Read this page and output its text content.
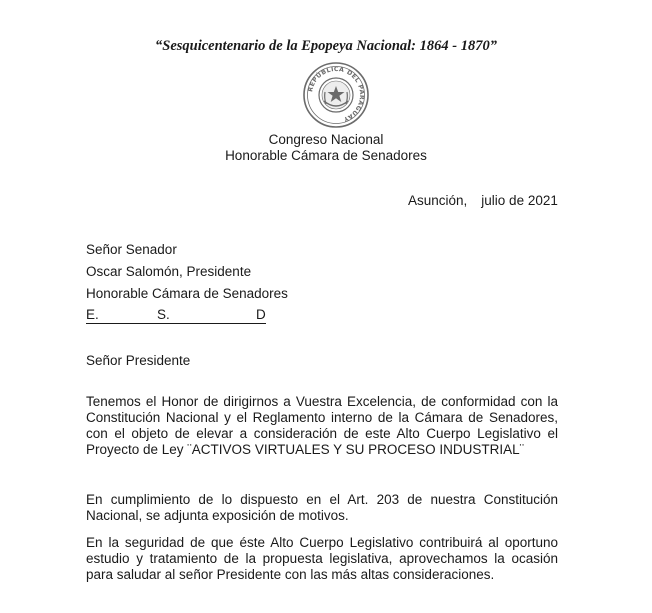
“Sesquicentenario de la Epopeya Nacional: 1864 - 1870”
REPÚBLICA DEL PARAGUAY
Congreso Nacional
Honorable Cámara de Senadores
Asunción, julio de 2021
Señor Senador
Oscar Salomón, Presidente
Honorable Cámara de Senadores
E.	S.	D
Señor Presidente
Tenemos el Honor de dirigirnos a Vuestra Excelencia, de conformidad con la Constitución Nacional y el Reglamento interno de la Cámara de Senadores, con el objeto de elevar a consideración de este Alto Cuerpo Legislativo el Proyecto de Ley ¨ACTIVOS VIRTUALES Y SU PROCESO INDUSTRIAL¨
En cumplimiento de lo dispuesto en el Art. 203 de nuestra Constitución Nacional, se adjunta exposición de motivos.
En la seguridad de que éste Alto Cuerpo Legislativo contribuirá al oportuno estudio y tratamiento de la propuesta legislativa, aprovechamos la ocasión para saludar al señor Presidente con las más altas consideraciones.
